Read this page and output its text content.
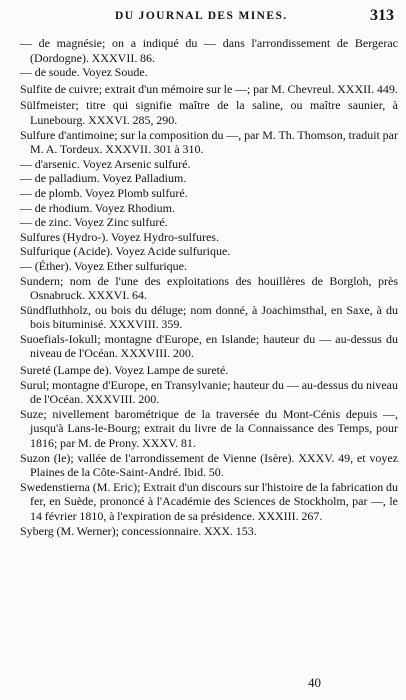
DU JOURNAL DES MINES.	313
— de magnésie; on a indiqué du — dans l'arrondissement de Bergerac (Dordogne). XXXVII. 86.
— de soude. Voyez Soude.
Sulfite de cuivre; extrait d'un mémoire sur le —; par M. Chevreul. XXXII. 449.
Sülfmeister; titre qui signifie maître de la saline, ou maître saunier, à Lunebourg. XXXVI. 285, 290.
Sulfure d'antimoine; sur la composition du —, par M. Th. Thomson, traduit par M. A. Tordeux. XXXVII. 301 à 310.
— d'arsenic. Voyez Arsenic sulfuré.
— de palladium. Voyez Palladium.
— de plomb. Voyez Plomb sulfuré.
— de rhodium. Voyez Rhodium.
— de zinc. Voyez Zinc sulfuré.
Sulfures (Hydro-). Voyez Hydro-sulfures.
Sulfurique (Acide). Voyez Acide sulfurique.
— (Éther). Voyez Ether sulfurique.
Sundern; nom de l'une des exploitations des houillères de Borgloh, près Osnabruck. XXXVI. 64.
Sündfluthholz, ou bois du déluge; nom donné, à Joachimsthal, en Saxe, à du bois bituminisé. XXXVIII. 359.
Suoefials-Iokull; montagne d'Europe, en Islande; hauteur du — au-dessus du niveau de l'Océan. XXXVIII. 200.
Sureté (Lampe de). Voyez Lampe de sureté.
Surul; montagne d'Europe, en Transylvanie; hauteur du — au-dessus du niveau de l'Océan. XXXVIII. 200.
Suze; nivellement barométrique de la traversée du Mont-Cénis depuis —, jusqu'à Lans-le-Bourg; extrait du livre de la Connaissance des Temps, pour 1816; par M. de Prony. XXXV. 81.
Suzon (le); vallée de l'arrondissement de Vienne (Isère). XXXV. 49, et voyez Plaines de la Côte-Saint-André. Ibid. 50.
Swedenstierna (M. Eric); Extrait d'un discours sur l'histoire de la fabrication du fer, en Suède, prononcé à l'Académie des Sciences de Stockholm, par —, le 14 février 1810, à l'expiration de sa présidence. XXXIII. 267.
Syberg (M. Werner); concessionnaire. XXX. 153.
40
